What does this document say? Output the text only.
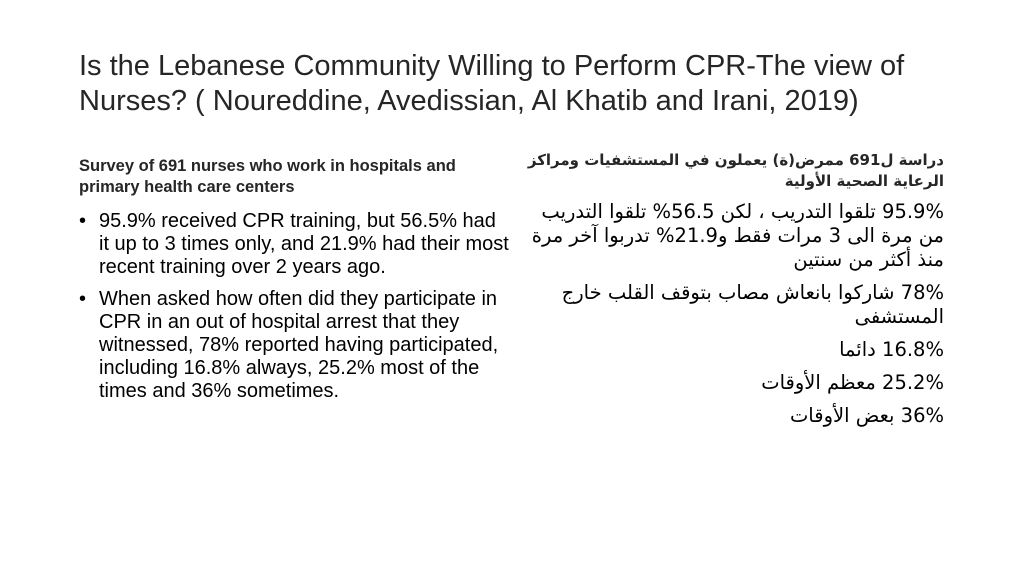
Is the Lebanese Community Willing to Perform CPR-The view of Nurses? ( Noureddine, Avedissian, Al Khatib and Irani, 2019)
Survey of 691 nurses who work in hospitals and primary health care centers
• 95.9% received CPR training, but 56.5% had it up to 3 times only, and 21.9% had their most recent training over 2 years ago.
• When asked how often did they participate in CPR in an out of hospital arrest that they witnessed, 78% reported having participated, including 16.8% always, 25.2% most of the times and 36% sometimes.
دراسة ل691 ممرض(ة) يعملون في المستشفيات ومراكز الرعاية الصحية الأولية
95.9% تلقوا التدريب ، لكن 56.5% تلقوا التدريب من مرة الى 3 مرات فقط و21.9% تدربوا آخر مرة منذ أكثر من سنتين
78% شاركوا بانعاش مصاب بتوقف القلب خارج المستشفى
16.8% دائما
25.2% معظم الأوقات
36% بعض الأوقات
